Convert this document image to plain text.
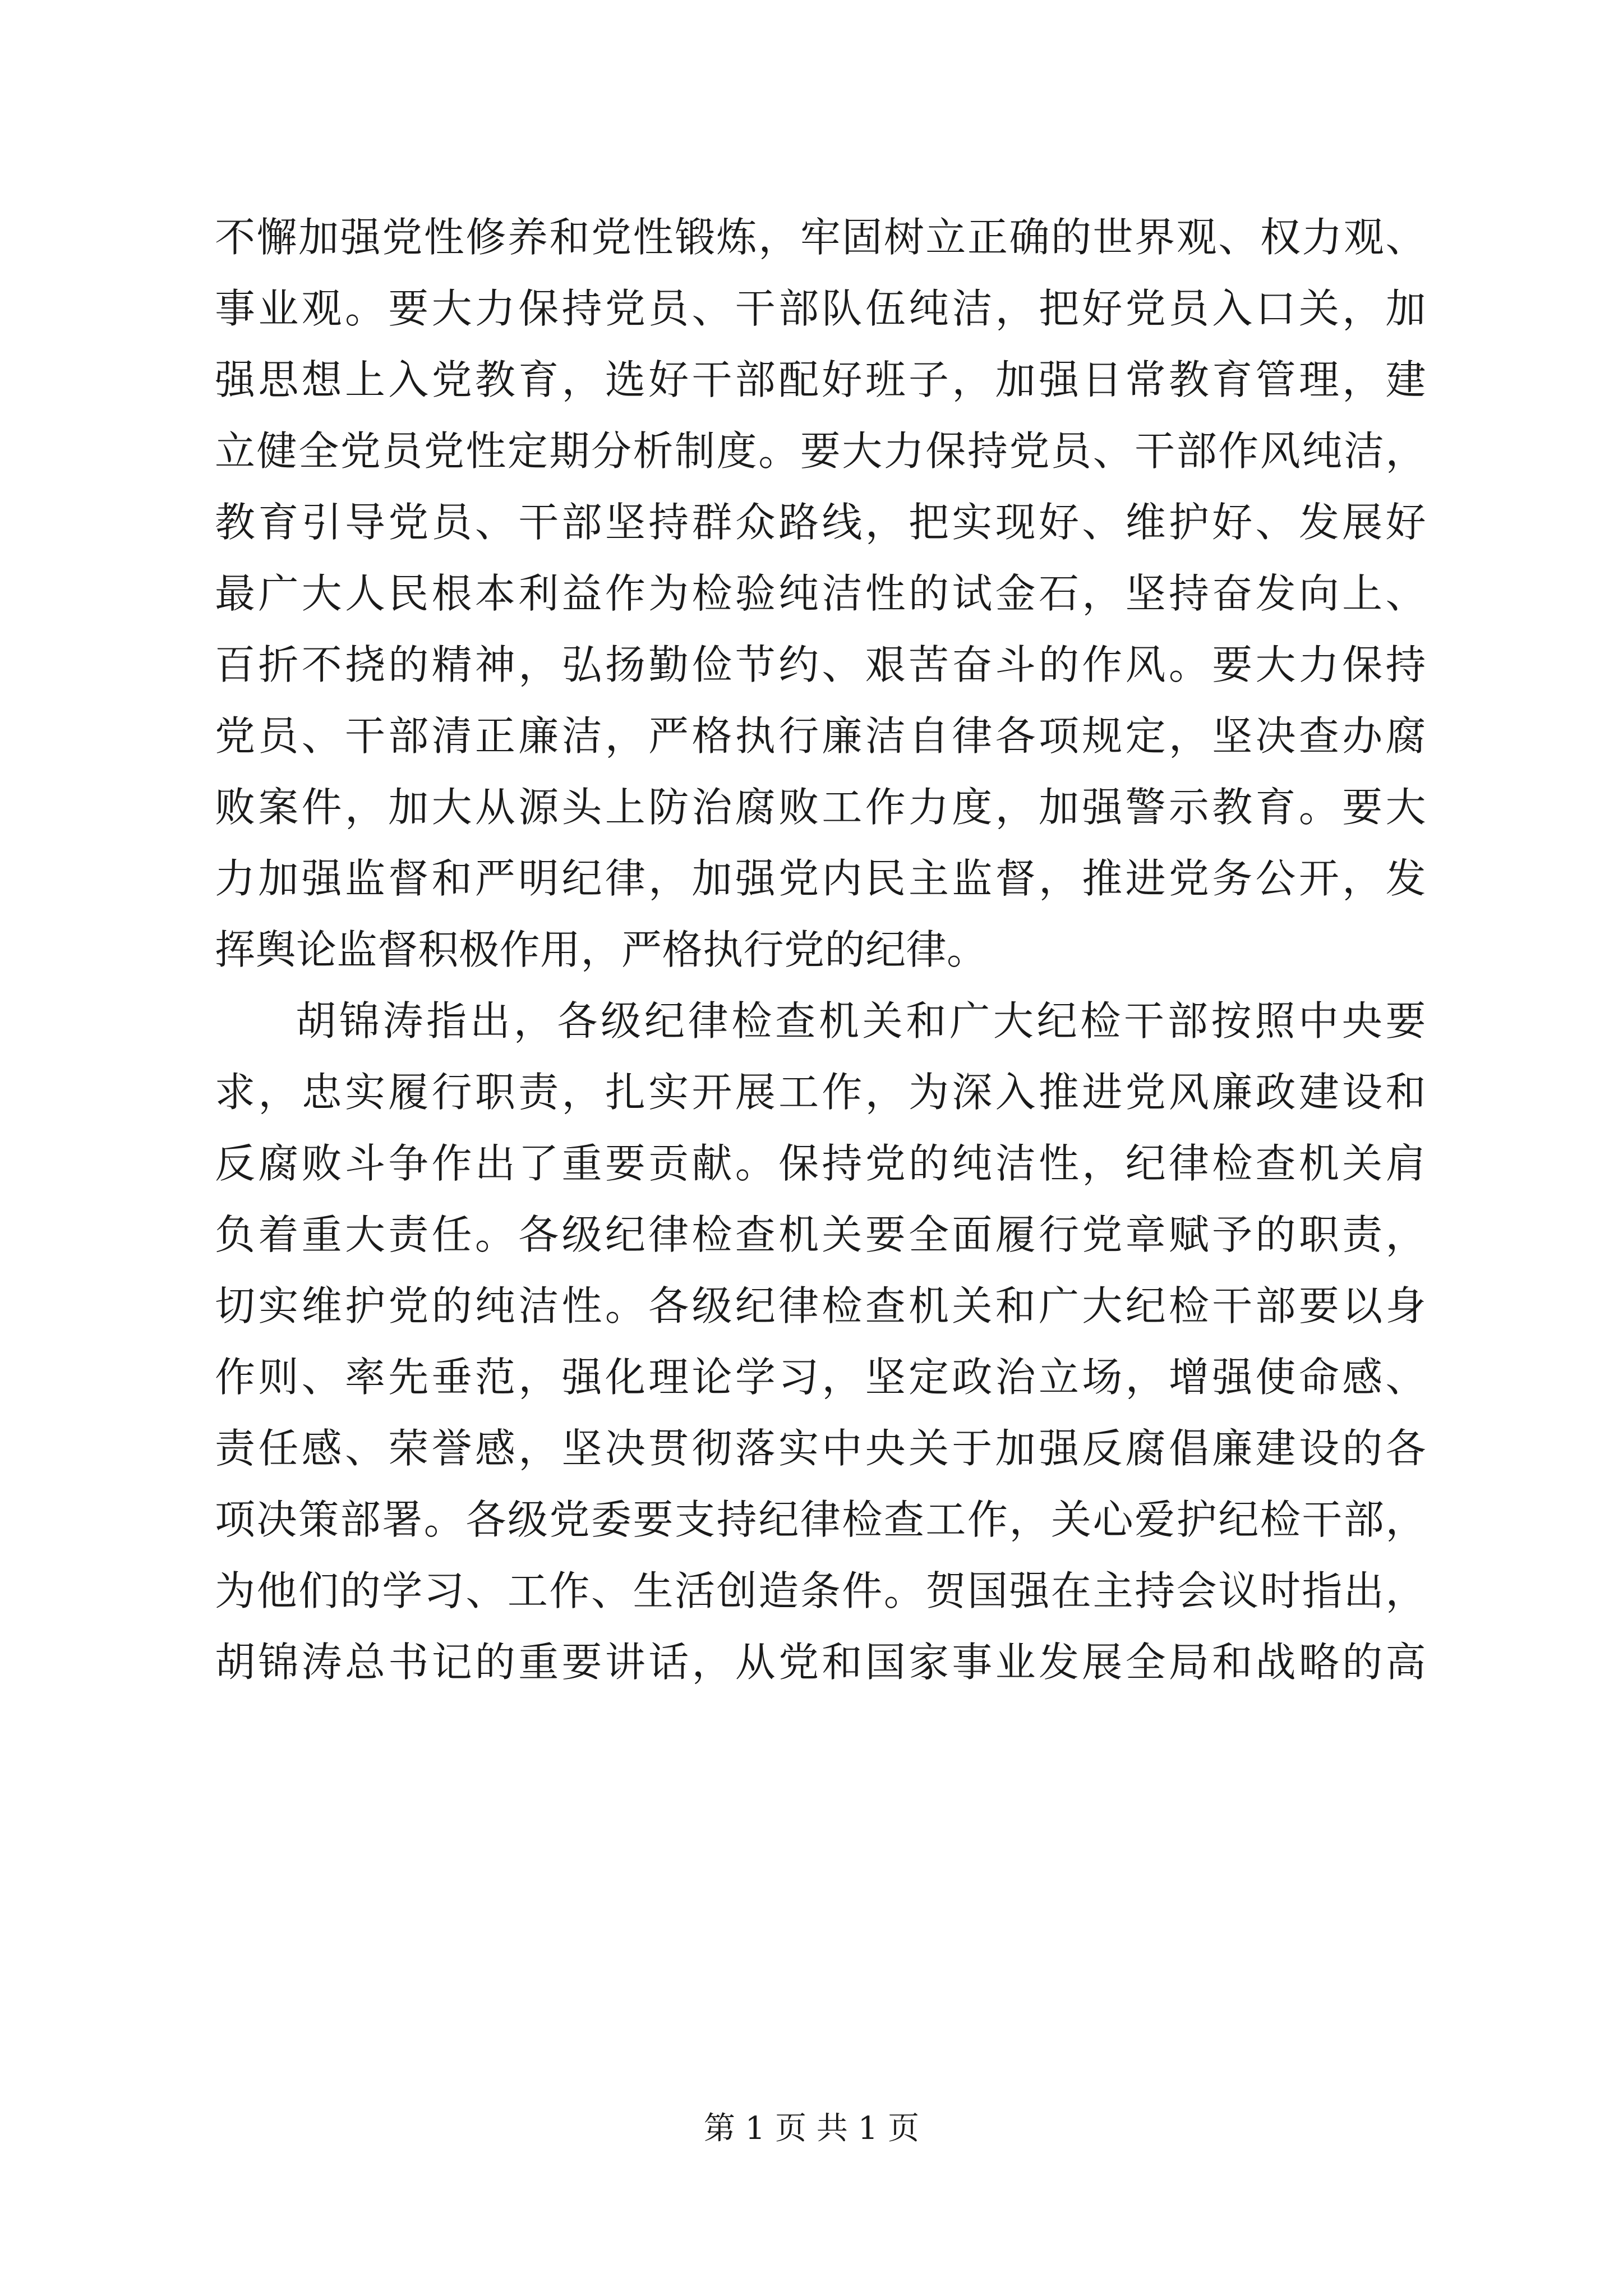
不懈加强党性修养和党性锻炼，牢固树立正确的世界观、权力观、
事业观。要大力保持党员、干部队伍纯洁，把好党员入口关，加
强思想上入党教育，选好干部配好班子，加强日常教育管理，建
立健全党员党性定期分析制度。要大力保持党员、干部作风纯洁，
教育引导党员、干部坚持群众路线，把实现好、维护好、发展好
最广大人民根本利益作为检验纯洁性的试金石，坚持奋发向上、
百折不挠的精神，弘扬勤俭节约、艰苦奋斗的作风。要大力保持
党员、干部清正廉洁，严格执行廉洁自律各项规定，坚决查办腐
败案件，加大从源头上防治腐败工作力度，加强警示教育。要大
力加强监督和严明纪律，加强党内民主监督，推进党务公开，发
挥舆论监督积极作用，严格执行党的纪律。
胡锦涛指出，各级纪律检查机关和广大纪检干部按照中央要
求，忠实履行职责，扎实开展工作，为深入推进党风廉政建设和
反腐败斗争作出了重要贡献。保持党的纯洁性，纪律检查机关肩
负着重大责任。各级纪律检查机关要全面履行党章赋予的职责，
切实维护党的纯洁性。各级纪律检查机关和广大纪检干部要以身
作则、率先垂范，强化理论学习，坚定政治立场，增强使命感、
责任感、荣誉感，坚决贯彻落实中央关于加强反腐倡廉建设的各
项决策部署。各级党委要支持纪律检查工作，关心爱护纪检干部，
为他们的学习、工作、生活创造条件。贺国强在主持会议时指出，
胡锦涛总书记的重要讲话，从党和国家事业发展全局和战略的高
第 1 页 共 1 页
